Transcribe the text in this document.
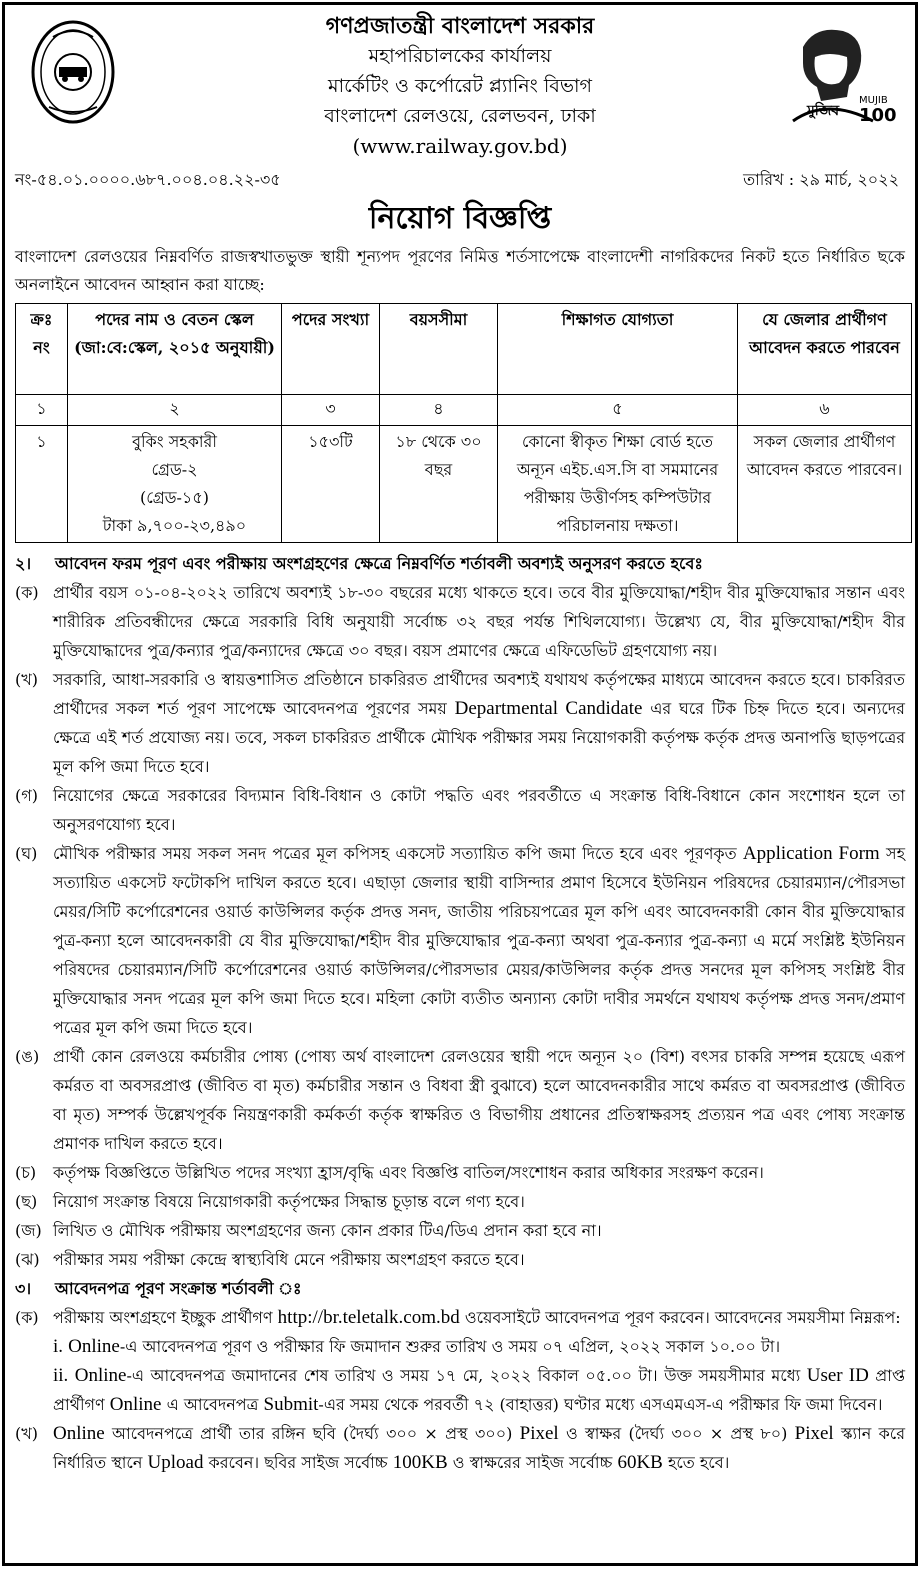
গণপ্রজাতন্ত্রী বাংলাদেশ সরকার
মহাপরিচালকের কার্যালয়
মার্কেটিং ও কর্পোরেট প্ল্যানিং বিভাগ
বাংলাদেশ রেলওয়ে, রেলভবন, ঢাকা
(www.railway.gov.bd)
মুজিব
MUJIB
100
নং-৫৪.০১.০০০০.৬৮৭.০০৪.০৪.২২-৩৫	তারিখ : ২৯ মার্চ, ২০২২
নিয়োগ বিজ্ঞপ্তি
বাংলাদেশ রেলওয়ের নিম্নবর্ণিত রাজস্বখাতভুক্ত স্থায়ী শূন্যপদ পূরণের নিমিত্ত শর্তসাপেক্ষে বাংলাদেশী নাগরিকদের নিকট হতে নির্ধারিত ছকে অনলাইনে আবেদন আহ্বান করা যাচ্ছে:
ক্রঃ নং	পদের নাম ও বেতন স্কেল (জা:বে:স্কেল, ২০১৫ অনুযায়ী)	পদের সংখ্যা	বয়সসীমা	শিক্ষাগত যোগ্যতা	যে জেলার প্রার্থীগণ আবেদন করতে পারবেন
১	২	৩	৪	৫	৬
১	বুকিং সহকারী
গ্রেড-২
(গ্রেড-১৫)
টাকা ৯,৭০০-২৩,৪৯০	১৫৩টি	১৮ থেকে ৩০ বছর	কোনো স্বীকৃত শিক্ষা বোর্ড হতে অন্যূন এইচ.এস.সি বা সমমানের পরীক্ষায় উত্তীর্ণসহ কম্পিউটার পরিচালনায় দক্ষতা।	সকল জেলার প্রার্থীগণ আবেদন করতে পারবেন।
২।	আবেদন ফরম পূরণ এবং পরীক্ষায় অংশগ্রহণের ক্ষেত্রে নিম্নবর্ণিত শর্তাবলী অবশ্যই অনুসরণ করতে হবেঃ
(ক) প্রার্থীর বয়স ০১-০৪-২০২২ তারিখে অবশ্যই ১৮-৩০ বছরের মধ্যে থাকতে হবে। তবে বীর মুক্তিযোদ্ধা/শহীদ বীর মুক্তিযোদ্ধার সন্তান এবং শারীরিক প্রতিবন্ধীদের ক্ষেত্রে সরকারি বিধি অনুযায়ী সর্বোচ্চ ৩২ বছর পর্যন্ত শিথিলযোগ্য। উল্লেখ্য যে, বীর মুক্তিযোদ্ধা/শহীদ বীর মুক্তিযোদ্ধাদের পুত্র/কন্যার পুত্র/কন্যাদের ক্ষেত্রে ৩০ বছর। বয়স প্রমাণের ক্ষেত্রে এফিডেভিট গ্রহণযোগ্য নয়।
(খ) সরকারি, আধা-সরকারি ও স্বায়ত্তশাসিত প্রতিষ্ঠানে চাকরিরত প্রার্থীদের অবশ্যই যথাযথ কর্তৃপক্ষের মাধ্যমে আবেদন করতে হবে। চাকরিরত প্রার্থীদের সকল শর্ত পূরণ সাপেক্ষে আবেদনপত্র পূরণের সময় Departmental Candidate এর ঘরে টিক চিহ্ন দিতে হবে। অন্যদের ক্ষেত্রে এই শর্ত প্রযোজ্য নয়। তবে, সকল চাকরিরত প্রার্থীকে মৌখিক পরীক্ষার সময় নিয়োগকারী কর্তৃপক্ষ কর্তৃক প্রদত্ত অনাপত্তি ছাড়পত্রের মূল কপি জমা দিতে হবে।
(গ) নিয়োগের ক্ষেত্রে সরকারের বিদ্যমান বিধি-বিধান ও কোটা পদ্ধতি এবং পরবর্তীতে এ সংক্রান্ত বিধি-বিধানে কোন সংশোধন হলে তা অনুসরণযোগ্য হবে।
(ঘ) মৌখিক পরীক্ষার সময় সকল সনদ পত্রের মূল কপিসহ একসেট সত্যায়িত কপি জমা দিতে হবে এবং পূরণকৃত Application Form সহ সত্যায়িত একসেট ফটোকপি দাখিল করতে হবে। এছাড়া জেলার স্থায়ী বাসিন্দার প্রমাণ হিসেবে ইউনিয়ন পরিষদের চেয়ারম্যান/পৌরসভা মেয়র/সিটি কর্পোরেশনের ওয়ার্ড কাউন্সিলর কর্তৃক প্রদত্ত সনদ, জাতীয় পরিচয়পত্রের মূল কপি এবং আবেদনকারী কোন বীর মুক্তিযোদ্ধার পুত্র-কন্যা হলে আবেদনকারী যে বীর মুক্তিযোদ্ধা/শহীদ বীর মুক্তিযোদ্ধার পুত্র-কন্যা অথবা পুত্র-কন্যার পুত্র-কন্যা এ মর্মে সংশ্লিষ্ট ইউনিয়ন পরিষদের চেয়ারম্যান/সিটি কর্পোরেশনের ওয়ার্ড কাউন্সিলর/পৌরসভার মেয়র/কাউন্সিলর কর্তৃক প্রদত্ত সনদের মূল কপিসহ সংশ্লিষ্ট বীর মুক্তিযোদ্ধার সনদ পত্রের মূল কপি জমা দিতে হবে। মহিলা কোটা ব্যতীত অন্যান্য কোটা দাবীর সমর্থনে যথাযথ কর্তৃপক্ষ প্রদত্ত সনদ/প্রমাণ পত্রের মূল কপি জমা দিতে হবে।
(ঙ) প্রার্থী কোন রেলওয়ে কর্মচারীর পোষ্য (পোষ্য অর্থ বাংলাদেশ রেলওয়ের স্থায়ী পদে অন্যূন ২০ (বিশ) বৎসর চাকরি সম্পন্ন হয়েছে এরূপ কর্মরত বা অবসরপ্রাপ্ত (জীবিত বা মৃত) কর্মচারীর সন্তান ও বিধবা স্ত্রী বুঝাবে) হলে আবেদনকারীর সাথে কর্মরত বা অবসরপ্রাপ্ত (জীবিত বা মৃত) সম্পর্ক উল্লেখপূর্বক নিয়ন্ত্রণকারী কর্মকর্তা কর্তৃক স্বাক্ষরিত ও বিভাগীয় প্রধানের প্রতিস্বাক্ষরসহ প্রত্যয়ন পত্র এবং পোষ্য সংক্রান্ত প্রমাণক দাখিল করতে হবে।
(চ)	কর্তৃপক্ষ বিজ্ঞপ্তিতে উল্লিখিত পদের সংখ্যা হ্রাস/বৃদ্ধি এবং বিজ্ঞপ্তি বাতিল/সংশোধন করার অধিকার সংরক্ষণ করেন।
(ছ) নিয়োগ সংক্রান্ত বিষয়ে নিয়োগকারী কর্তৃপক্ষের সিদ্ধান্ত চূড়ান্ত বলে গণ্য হবে।
(জ) লিখিত ও মৌখিক পরীক্ষায় অংশগ্রহণের জন্য কোন প্রকার টিএ/ডিএ প্রদান করা হবে না।
(ঝ) পরীক্ষার সময় পরীক্ষা কেন্দ্রে স্বাস্থ্যবিধি মেনে পরীক্ষায় অংশগ্রহণ করতে হবে।
৩।	আবেদনপত্র পূরণ সংক্রান্ত শর্তাবলী ঃ
(ক) পরীক্ষায় অংশগ্রহণে ইচ্ছুক প্রার্থীগণ http://br.teletalk.com.bd ওয়েবসাইটে আবেদনপত্র পূরণ করবেন। আবেদনের সময়সীমা নিম্নরূপ:
i. Online-এ আবেদনপত্র পূরণ ও পরীক্ষার ফি জমাদান শুরুর তারিখ ও সময় ০৭ এপ্রিল, ২০২২ সকাল ১০.০০ টা।
ii. Online-এ আবেদনপত্র জমাদানের শেষ তারিখ ও সময় ১৭ মে, ২০২২ বিকাল ০৫.০০ টা। উক্ত সময়সীমার মধ্যে User ID প্রাপ্ত প্রার্থীগণ Online এ আবেদনপত্র Submit-এর সময় থেকে পরবর্তী ৭২ (বাহাত্তর) ঘণ্টার মধ্যে এসএমএস-এ পরীক্ষার ফি জমা দিবেন।
(খ) Online আবেদনপত্রে প্রার্থী তার রঙ্গিন ছবি (দৈর্ঘ্য ৩০০ × প্রস্থ ৩০০) Pixel ও স্বাক্ষর (দৈর্ঘ্য ৩০০ × প্রস্থ ৮০) Pixel স্ক্যান করে নির্ধারিত স্থানে Upload করবেন। ছবির সাইজ সর্বোচ্চ 100KB ও স্বাক্ষরের সাইজ সর্বোচ্চ 60KB হতে হবে।
